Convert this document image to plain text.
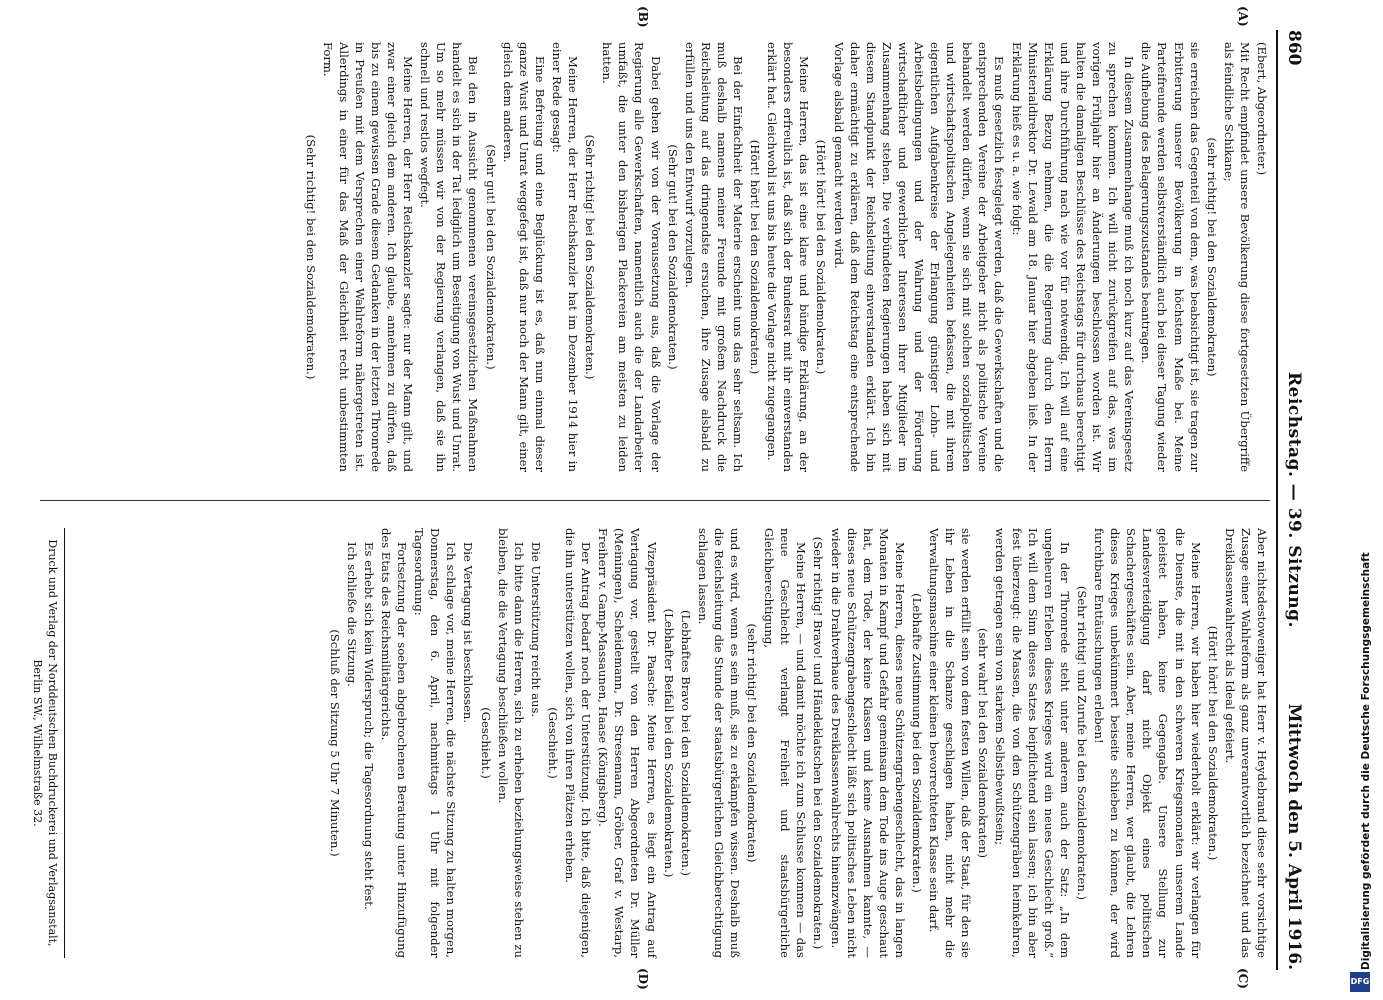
860
Reichstag. — 39. Sitzung.
Mittwoch den 5. April 1916.
(A)
(B)
(C)
(D)

(Ebert, Abgeordneter.)

Mit Recht empfindet unsere Bevölkerung diese fortgesetzten Übergriffe als feindliche Schikane;

(sehr richtig! bei den Sozialdemokraten)

sie erreichen das Gegenteil von dem, was beabsichtigt ist, sie tragen zur Erbitterung unserer Bevölkerung in höchstem Maße bei. Meine Parteifreunde werden selbstverständlich auch bei dieser Tagung wieder die Aufhebung des Belagerungszustandes beantragen.

In diesem Zusammenhange muß ich noch kurz auf das Vereinsgesetz zu sprechen kommen. Ich will nicht zurückgreifen auf das, was im vorigen Frühjahr hier an Änderungen beschlossen worden ist. Wir halten die damaligen Beschlüsse des Reichstags für durchaus berechtigt und ihre Durchführung nach wie vor für notwendig. Ich will auf eine Erklärung Bezug nehmen, die die Regierung durch den Herrn Ministerialdirektor Dr. Lewald am 18. Januar hier abgeben ließ. In der Erklärung hieß es u. a. wie folgt:

Es muß gesetzlich festgelegt werden, daß die Gewerkschaften und die entsprechenden Vereine der Arbeitgeber nicht als politische Vereine behandelt werden dürfen, wenn sie sich mit solchen sozialpolitischen und wirtschaftspolitischen Angelegenheiten befassen, die mit ihrem eigentlichen Aufgabenkreise der Erlangung günstiger Lohn- und Arbeitsbedingungen und der Wahrung und der Förderung wirtschaftlicher und gewerblicher Interessen ihrer Mitglieder im Zusammenhang stehen. Die verbündeten Regierungen haben sich mit diesem Standpunkt der Reichsleitung einverstanden erklärt. Ich bin daher ermächtigt zu erklären, daß dem Reichstag eine entsprechende Vorlage alsbald gemacht werden wird.

(Hört! hört! bei den Sozialdemokraten.)

Meine Herren, das ist eine klare und bündige Erklärung, an der besonders erfreulich ist, daß sich der Bundesrat mit ihr einverstanden erklärt hat. Gleichwohl ist uns bis heute die Vorlage nicht zugegangen.

(Hört! hört! bei den Sozialdemokraten.)

Bei der Einfachheit der Materie erscheint uns das sehr seltsam. Ich muß deshalb namens meiner Freunde mit großem Nachdruck die Reichsleitung auf das dringendste ersuchen, ihre Zusage alsbald zu erfüllen und uns den Entwurf vorzulegen.

(Sehr gut! bei den Sozialdemokraten.)

Dabei gehen wir von der Voraussetzung aus, daß die Vorlage der Regierung alle Gewerkschaften, namentlich auch die der Landarbeiter umfaßt, die unter den bisherigen Plackereien am meisten zu leiden hatten.

(Sehr richtig! bei den Sozialdemokraten.)

Meine Herren, der Herr Reichskanzler hat im Dezember 1914 hier in einer Rede gesagt:

Eine Befreiung und eine Beglückung ist es, daß nun einmal dieser ganze Wust und Unrat weggefegt ist, daß nur noch der Mann gilt, einer gleich dem anderen.

(Sehr gut! bei den Sozialdemokraten.)

Bei den in Aussicht genommenen vereinsgesetzlichen Maßnahmen handelt es sich in der Tat lediglich um Beseitigung von Wust und Unrat. Um so mehr müssen wir von der Regierung verlangen, daß sie ihn schnell und restlos wegfegt.

Meine Herren, der Herr Reichskanzler sagte: nur der Mann gilt, und zwar einer gleich dem anderen. Ich glaube, annehmen zu dürfen, daß bis zu einem gewissen Grade diesem Gedanken in der letzten Thronrede in Preußen mit dem Versprechen einer Wahlreform nähergetreten ist. Allerdings in einer für das Maß der Gleichheit recht unbestimmten Form.

(Sehr richtig! bei den Sozialdemokraten.)

Aber nichtsdestoweniger hat Herr v. Heydebrand diese sehr vorsichtige Zusage einer Wahlreform als ganz unverantwortlich bezeichnet und das Dreiklassenwahlrecht als Ideal gefeiert.

(Hört! hört! bei den Sozialdemokraten.)

Meine Herren, wir haben hier wiederholt erklärt: wir verlangen für die Dienste, die mit in den schweren Kriegsmonaten unserem Lande geleistet haben, keine Gegengabe. Unsere Stellung zur Landesverteidigung darf nicht Objekt eines politischen Schachergeschäftes sein. Aber, meine Herren, wer glaubt, die Lehren dieses Krieges unbekümmert beiseite schieben zu können, der wird furchtbare Enttäuschungen erleben!

(Sehr richtig! und Zurufe bei den Sozialdemokraten.)

In der Thronrede steht unter anderem auch der Satz: „In dem ungeheuren Erleben dieses Krieges wird ein neues Geschlecht groß.“ Ich will dem Sinn dieses Satzes beipflichtend sein lassen; ich bin aber fest überzeugt: die Massen, die von den Schützengräben heimkehren, werden getragen sein von starkem Selbstbewußtsein;

(sehr wahr! bei den Sozialdemokraten)

sie werden erfüllt sein von dem festen Willen, daß der Staat, für den sie ihr Leben in die Schanze geschlagen haben, nicht mehr die Verwaltungsmaschine einer kleinen bevorrechteten Klasse sein darf.

(Lebhafte Zustimmung bei den Sozialdemokraten.)

Meine Herren, dieses neue Schützengrabengeschlecht, das in langen Monaten in Kampf und Gefahr gemeinsam dem Tode ins Auge geschaut hat, dem Tode, der keine Klassen und keine Ausnahmen kannte, — dieses neue Schützengrabengeschlecht läßt sich politisches Leben nicht wieder in die Drahtverhaue des Dreiklassenwahlrechts hineinzwängen.

(Sehr richtig! Bravo! und Händeklatschen bei den Sozialdemokraten.)

Meine Herren, — und damit möchte ich zum Schlusse kommen — das neue Geschlecht verlangt Freiheit und staatsbürgerliche Gleichberechtigung,

(sehr richtig! bei den Sozialdemokraten)

und es wird, wenn es sein muß, sie zu erkämpfen wissen. Deshalb muß die Reichsleitung die Stunde der staatsbürgerlichen Gleichberechtigung schlagen lassen.

(Lebhaftes Bravo bei den Sozialdemokraten.)

(Lebhafter Beifall bei den Sozialdemokraten.)

Vizepräsident Dr. Paasche: Meine Herren, es liegt ein Antrag auf Vertagung vor, gestellt von den Herren Abgeordneten Dr. Müller (Meiningen), Scheidemann, Dr. Stresemann, Gröber, Graf v. Westarp, Freiherr v. Gamp-Massaunen, Haase (Königsberg).

Der Antrag bedarf noch der Unterstützung. Ich bitte, daß diejenigen, die ihn unterstützen wollen, sich von ihren Plätzen erheben.

(Geschieht.)

Die Unterstützung reicht aus.

Ich bitte dann die Herren, sich zu erheben beziehungsweise stehen zu bleiben, die die Vertagung beschließen wollen.

(Geschieht.)

Die Vertagung ist beschlossen.

Ich schlage vor, meine Herren, die nächste Sitzung zu halten morgen, Donnerstag, den 6. April, nachmittags 1 Uhr mit folgender Tagesordnung:

Fortsetzung der soeben abgebrochenen Beratung unter Hinzufügung des Etats des Reichsmilitärgerichts.

Es erhebt sich kein Widerspruch; die Tagesordnung steht fest.

Ich schließe die Sitzung.

(Schluß der Sitzung 5 Uhr 7 Minuten.)

Druck und Verlag der Norddeutschen Buchdruckerei und Verlagsanstalt,
Berlin SW., Wilhelmstraße 32.	Digitalisierung gefördert durch die Deutsche Forschungsgemeinschaft
DFG
